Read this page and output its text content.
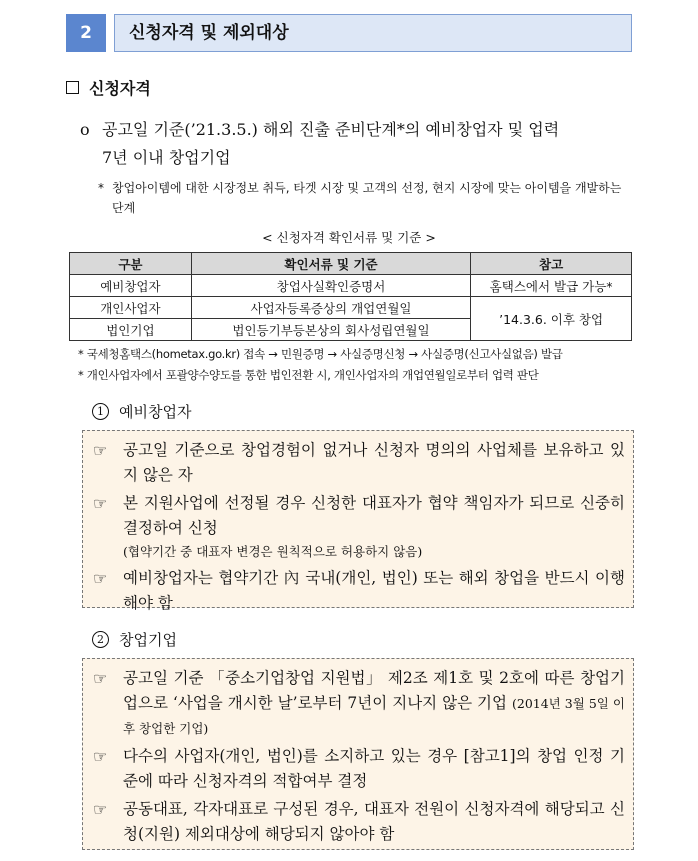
2	신청자격 및 제외대상
신청자격
ο 공고일 기준(’21.3.5.) 해외 진출 준비단계*의 예비창업자 및 업력
7년 이내 창업기업
* 창업아이템에 대한 시장정보 취득, 타겟 시장 및 고객의 선정, 현지 시장에 맞는 아이템을 개발하는 단계
< 신청자격 확인서류 및 기준 >
구분	확인서류 및 기준	참고
예비창업자	창업사실확인증명서	홈택스에서 발급 가능*
개인사업자	사업자등록증상의 개업연월일	’14.3.6. 이후 창업
법인기업	법인등기부등본상의 회사성립연월일	
* 국세청홈택스(hometax.go.kr) 접속 → 민원증명 → 사실증명신청 → 사실증명(신고사실없음) 발급
* 개인사업자에서 포괄양수양도를 통한 법인전환 시, 개인사업자의 개업연월일로부터 업력 판단
1	예비창업자
☞ 공고일 기준으로 창업경험이 없거나 신청자 명의의 사업체를 보유하고 있지 않은 자
☞ 본 지원사업에 선정될 경우 신청한 대표자가 협약 책임자가 되므로 신중히 결정하여 신청
(협약기간 중 대표자 변경은 원칙적으로 허용하지 않음)
☞ 예비창업자는 협약기간 內 국내(개인, 법인) 또는 해외 창업을 반드시 이행해야 함
2	창업기업
☞ 공고일 기준 「중소기업창업 지원법」 제2조 제1호 및 2호에 따른 창업기업으로 ‘사업을 개시한 날’로부터 7년이 지나지 않은 기업 (2014년 3월 5일 이후 창업한 기업)
☞ 다수의 사업자(개인, 법인)를 소지하고 있는 경우 [참고1]의 창업 인정 기준에 따라 신청자격의 적합여부 결정
☞ 공동대표, 각자대표로 구성된 경우, 대표자 전원이 신청자격에 해당되고 신청(지원) 제외대상에 해당되지 않아야 함
